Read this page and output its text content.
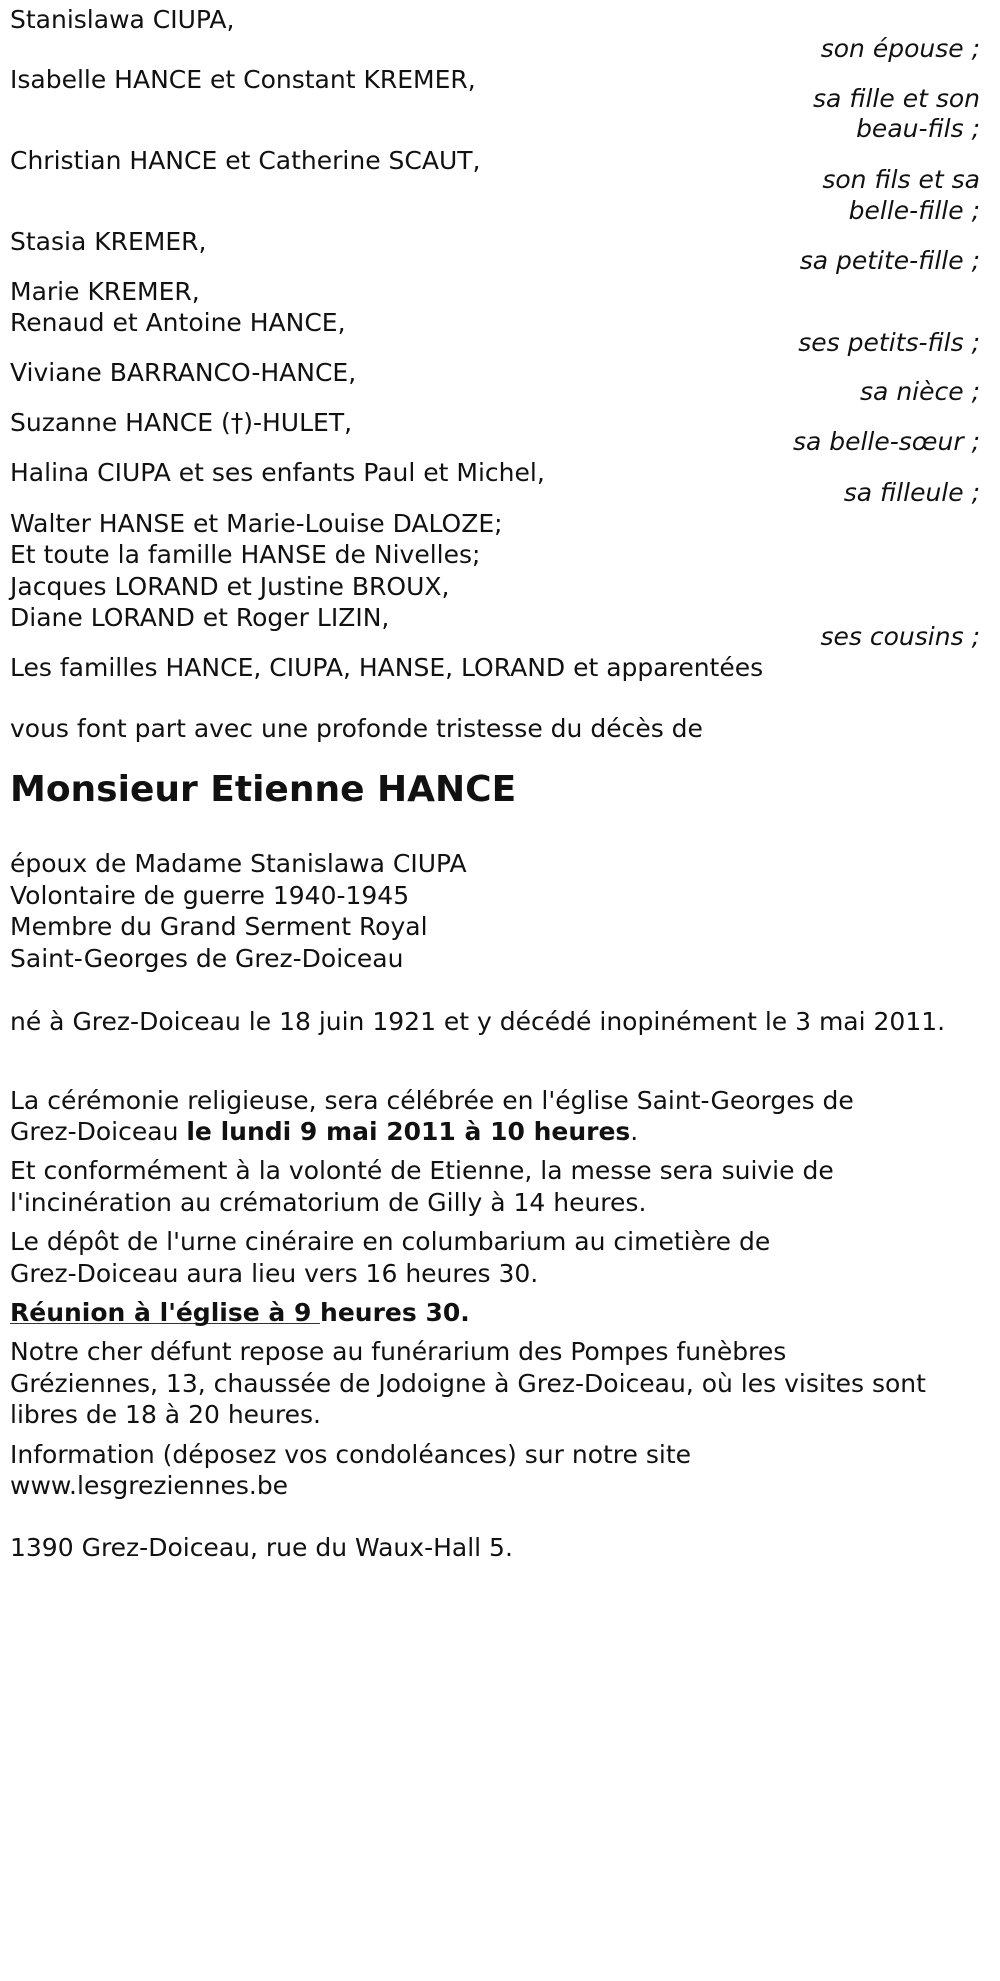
Stanislawa CIUPA,
son épouse ;
Isabelle HANCE et Constant KREMER,
sa fille et son
beau-fils ;
Christian HANCE et Catherine SCAUT,
son fils et sa
belle-fille ;
Stasia KREMER,
sa petite-fille ;
Marie KREMER,
Renaud et Antoine HANCE,
ses petits-fils ;
Viviane BARRANCO-HANCE,
sa nièce ;
Suzanne HANCE (†)-HULET,
sa belle-sœur ;
Halina CIUPA et ses enfants Paul et Michel,
sa filleule ;
Walter HANSE et Marie-Louise DALOZE;
Et toute la famille HANSE de Nivelles;
Jacques LORAND et Justine BROUX,
Diane LORAND et Roger LIZIN,
ses cousins ;
Les familles HANCE, CIUPA, HANSE, LORAND et apparentées
vous font part avec une profonde tristesse du décès de
Monsieur Etienne HANCE
époux de Madame Stanislawa CIUPA
Volontaire de guerre 1940-1945
Membre du Grand Serment Royal
Saint-Georges de Grez-Doiceau
né à Grez-Doiceau le 18 juin 1921 et y décédé inopinément le 3 mai 2011.
La cérémonie religieuse, sera célébrée en l'église Saint-Georges de
Grez-Doiceau le lundi 9 mai 2011 à 10 heures.
Et conformément à la volonté de Etienne, la messe sera suivie de
l'incinération au crématorium de Gilly à 14 heures.
Le dépôt de l'urne cinéraire en columbarium au cimetière de
Grez-Doiceau aura lieu vers 16 heures 30.
Réunion à l'église à 9 heures 30.
Notre cher défunt repose au funérarium des Pompes funèbres
Gréziennes, 13, chaussée de Jodoigne à Grez-Doiceau, où les visites sont
libres de 18 à 20 heures.
Information (déposez vos condoléances) sur notre site
www.lesgreziennes.be
1390 Grez-Doiceau, rue du Waux-Hall 5.
